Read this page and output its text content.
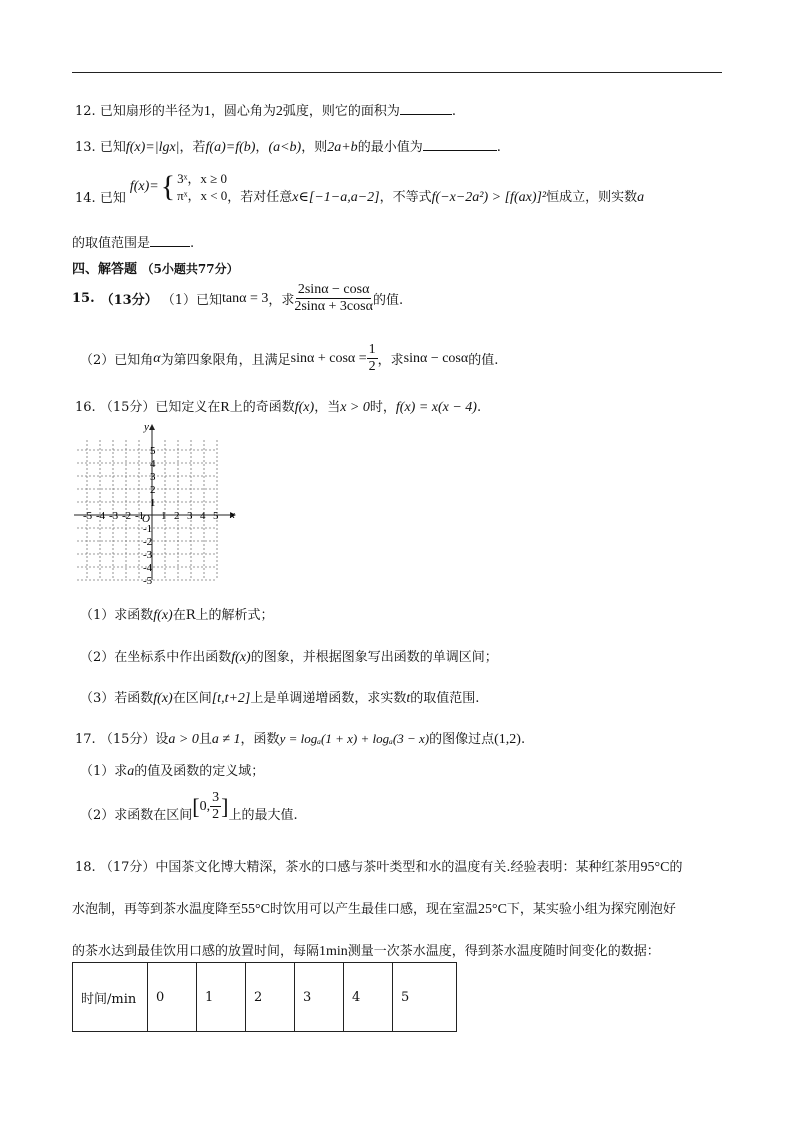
12. 已知扇形的半径为1，圆心角为2弧度，则它的面积为	.
13. 已知f(x)=|lgx|，若f(a)=f(b)，(a<b)，则2a+b的最小值为	.
14. 已知
f(x)= { 3ˣ，x ≥ 0
πˣ，x < 0 ，若对任意x∈[−1−a,a−2]，不等式f(−x−2a²) > [f(ax)]²恒成立，则实数a
的取值范围是	.
四、解答题 （5小题共77分）
15. （13分） （1）已知 tanα = 3 ，求 $\frac{2\sin\alpha - \cos\alpha}{2\sin\alpha + 3\cos\alpha}$ 的值.
（2）已知角 α 为第四象限角，且满足 $\sin\alpha + \cos\alpha = \frac{1}{2}$ ，求 sinα − cosα 的值.
16. （15分）已知定义在R上的奇函数f(x)，当x > 0时，f(x) = x(x − 4).
x
y
O
-5 -4 -3 -2 -1 1 2 3 4 5
5
4
3
2
1
-1
-2
-3
-4
-5
（1）求函数f(x)在R上的解析式；
（2）在坐标系中作出函数f(x)的图象，并根据图象写出函数的单调区间；
（3）若函数f(x)在区间[t,t+2]上是单调递增函数，求实数t的取值范围.
17. （15分）设a > 0且a ≠ 1，函数y = logₐ(1 + x) + logₐ(3 − x)的图像过点(1,2).
（1）求a的值及函数的定义域；
（2）求函数在区间 [ 0, $\frac{3}{2}$ ] 上的最大值.
18. （17分）中国茶文化博大精深，茶水的口感与茶叶类型和水的温度有关.经验表明：某种红茶用95°C的
水泡制，再等到茶水温度降至55°C时饮用可以产生最佳口感，现在室温25°C下，某实验小组为探究刚泡好
的茶水达到最佳饮用口感的放置时间，每隔1min测量一次茶水温度，得到茶水温度随时间变化的数据：
时间/min	0	1	2	3	4	5
